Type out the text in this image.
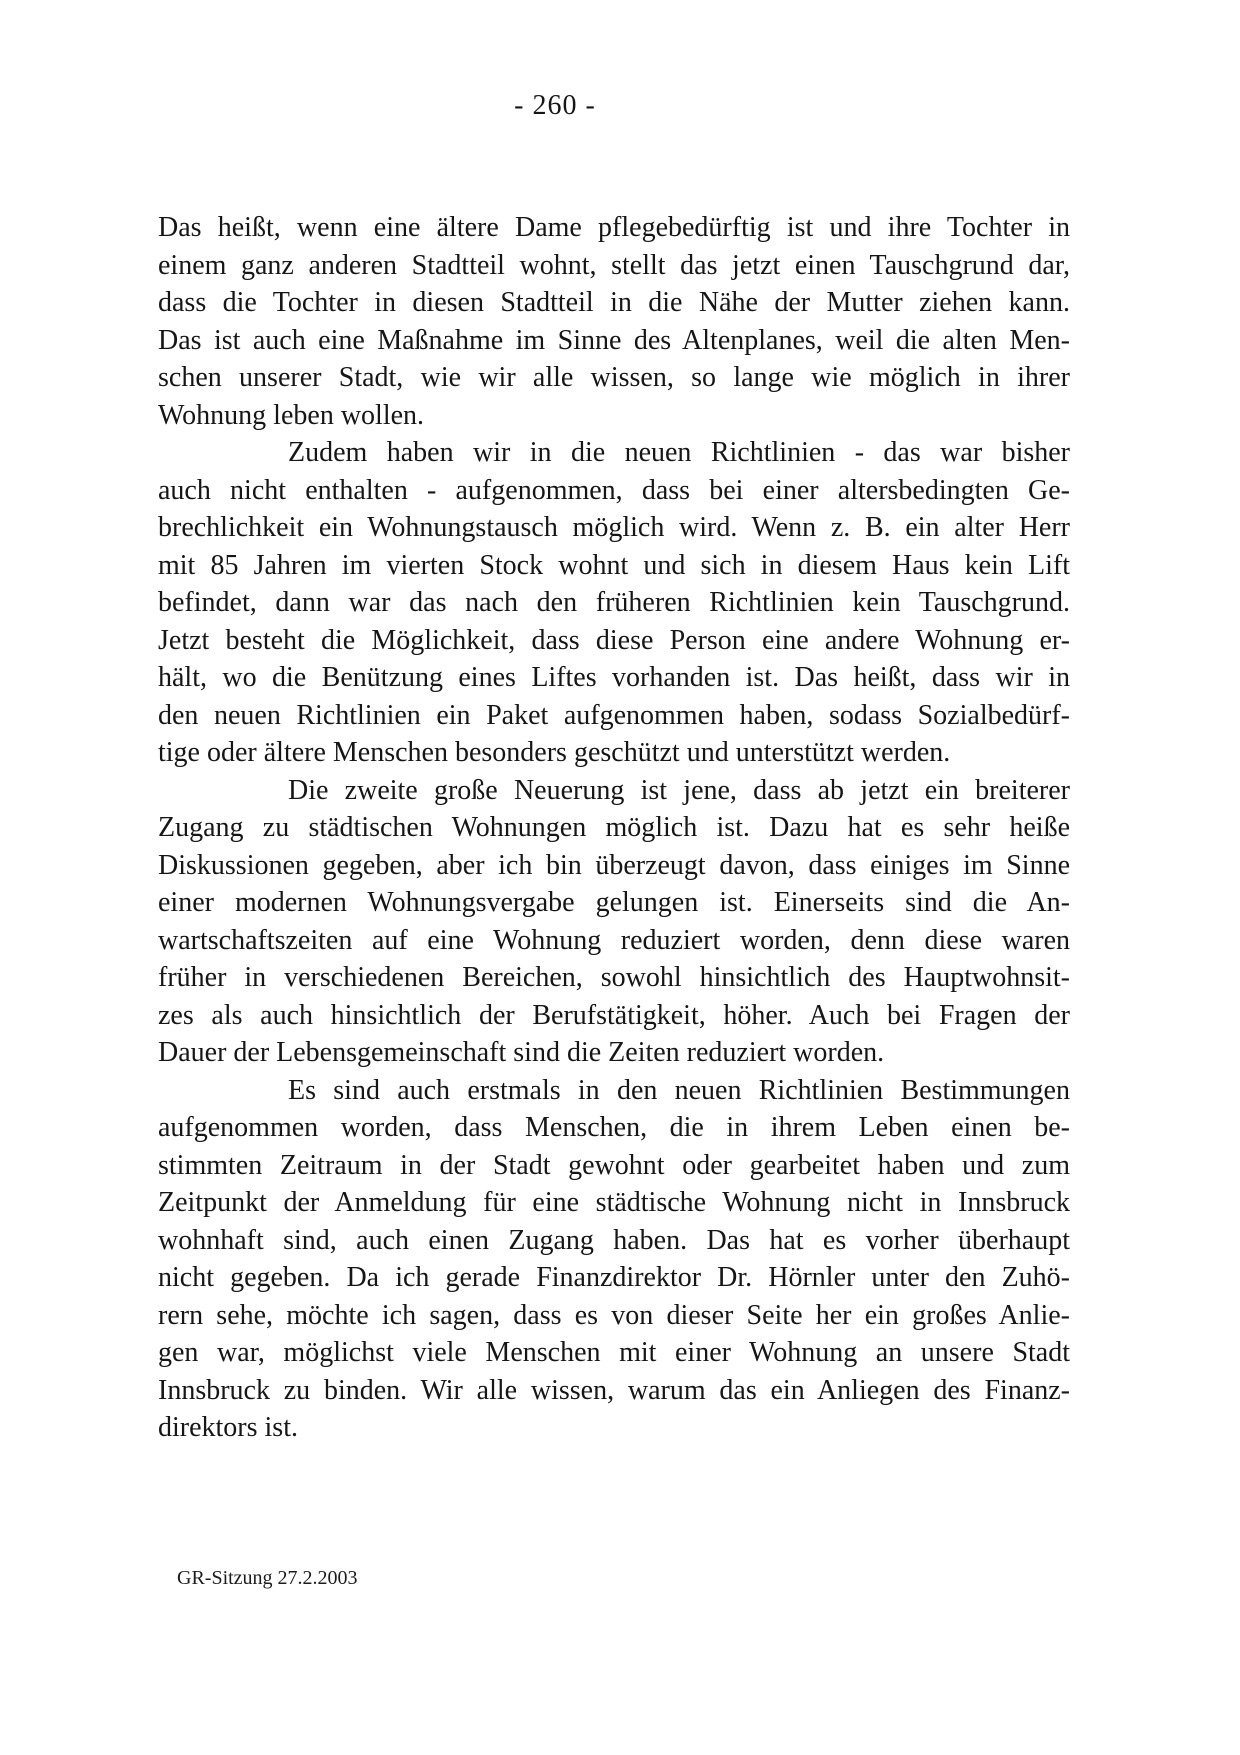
- 260 -
Das heißt, wenn eine ältere Dame pflegebedürftig ist und ihre Tochter in
einem ganz anderen Stadtteil wohnt, stellt das jetzt einen Tauschgrund dar,
dass die Tochter in diesen Stadtteil in die Nähe der Mutter ziehen kann.
Das ist auch eine Maßnahme im Sinne des Altenplanes, weil die alten Men-
schen unserer Stadt, wie wir alle wissen, so lange wie möglich in ihrer
Wohnung leben wollen.
Zudem haben wir in die neuen Richtlinien - das war bisher
auch nicht enthalten - aufgenommen, dass bei einer altersbedingten Ge-
brechlichkeit ein Wohnungstausch möglich wird. Wenn z. B. ein alter Herr
mit 85 Jahren im vierten Stock wohnt und sich in diesem Haus kein Lift
befindet, dann war das nach den früheren Richtlinien kein Tauschgrund.
Jetzt besteht die Möglichkeit, dass diese Person eine andere Wohnung er-
hält, wo die Benützung eines Liftes vorhanden ist. Das heißt, dass wir in
den neuen Richtlinien ein Paket aufgenommen haben, sodass Sozialbedürf-
tige oder ältere Menschen besonders geschützt und unterstützt werden.
Die zweite große Neuerung ist jene, dass ab jetzt ein breiterer
Zugang zu städtischen Wohnungen möglich ist. Dazu hat es sehr heiße
Diskussionen gegeben, aber ich bin überzeugt davon, dass einiges im Sinne
einer modernen Wohnungsvergabe gelungen ist. Einerseits sind die An-
wartschaftszeiten auf eine Wohnung reduziert worden, denn diese waren
früher in verschiedenen Bereichen, sowohl hinsichtlich des Hauptwohnsit-
zes als auch hinsichtlich der Berufstätigkeit, höher. Auch bei Fragen der
Dauer der Lebensgemeinschaft sind die Zeiten reduziert worden.
Es sind auch erstmals in den neuen Richtlinien Bestimmungen
aufgenommen worden, dass Menschen, die in ihrem Leben einen be-
stimmten Zeitraum in der Stadt gewohnt oder gearbeitet haben und zum
Zeitpunkt der Anmeldung für eine städtische Wohnung nicht in Innsbruck
wohnhaft sind, auch einen Zugang haben. Das hat es vorher überhaupt
nicht gegeben. Da ich gerade Finanzdirektor Dr. Hörnler unter den Zuhö-
rern sehe, möchte ich sagen, dass es von dieser Seite her ein großes Anlie-
gen war, möglichst viele Menschen mit einer Wohnung an unsere Stadt
Innsbruck zu binden. Wir alle wissen, warum das ein Anliegen des Finanz-
direktors ist.
GR-Sitzung 27.2.2003
